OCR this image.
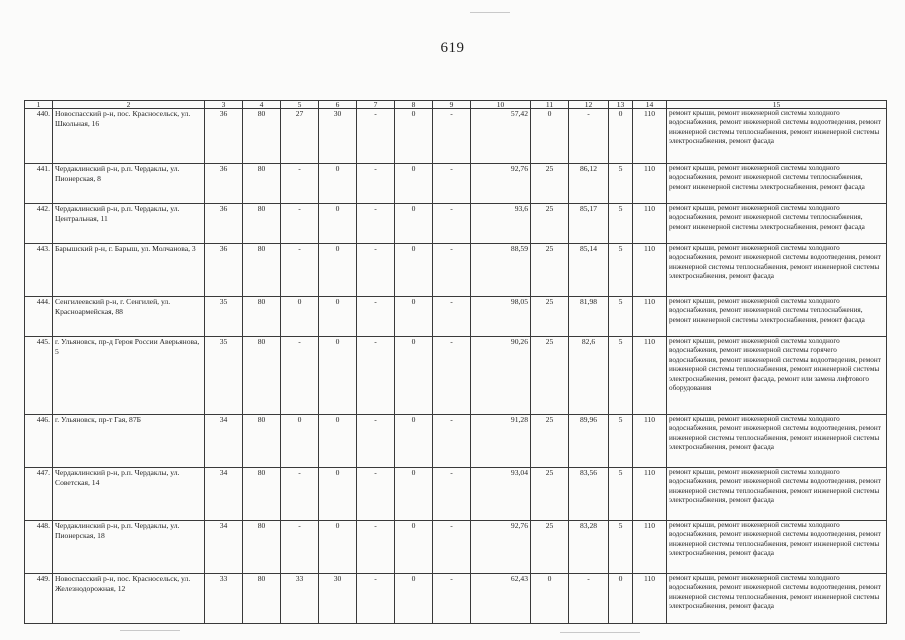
619
1	2	3	4	5	6	7	8	9	10	11	12	13	14	15
440.	Новоспасский р-н, пос. Красносельск, ул. Школьная, 16	36	80	27	30	-	0	-	57,42	0	-	0	110	ремонт крыши, ремонт инженерной системы холодного водоснабжения, ремонт инженерной системы водоотведения, ремонт инженерной системы теплоснабжения, ремонт инженерной системы электроснабжения, ремонт фасада
441.	Чердаклинский р-н, р.п. Чердаклы, ул. Пионерская, 8	36	80	-	0	-	0	-	92,76	25	86,12	5	110	ремонт крыши, ремонт инженерной системы холодного водоснабжения, ремонт инженерной системы теплоснабжения, ремонт инженерной системы электроснабжения, ремонт фасада
442.	Чердаклинский р-н, р.п. Чердаклы, ул. Центральная, 11	36	80	-	0	-	0	-	93,6	25	85,17	5	110	ремонт крыши, ремонт инженерной системы холодного водоснабжения, ремонт инженерной системы теплоснабжения, ремонт инженерной системы электроснабжения, ремонт фасада
443.	Барышский р-н, г. Барыш, ул. Молчанова, 3	36	80	-	0	-	0	-	88,59	25	85,14	5	110	ремонт крыши, ремонт инженерной системы холодного водоснабжения, ремонт инженерной системы водоотведения, ремонт инженерной системы теплоснабжения, ремонт инженерной системы электроснабжения, ремонт фасада
444.	Сенгилеевский р-н, г. Сенгилей, ул. Красноармейская, 88	35	80	0	0	-	0	-	98,05	25	81,98	5	110	ремонт крыши, ремонт инженерной системы холодного водоснабжения, ремонт инженерной системы теплоснабжения, ремонт инженерной системы электроснабжения, ремонт фасада
445.	г. Ульяновск, пр-д Героя России Аверьянова, 5	35	80	-	0	-	0	-	90,26	25	82,6	5	110	ремонт крыши, ремонт инженерной системы холодного водоснабжения, ремонт инженерной системы горячего водоснабжения, ремонт инженерной системы водоотведения, ремонт инженерной системы теплоснабжения, ремонт инженерной системы электроснабжения, ремонт фасада, ремонт или замена лифтового оборудования
446.	г. Ульяновск, пр-т Гая, 87Б	34	80	0	0	-	0	-	91,28	25	89,96	5	110	ремонт крыши, ремонт инженерной системы холодного водоснабжения, ремонт инженерной системы водоотведения, ремонт инженерной системы теплоснабжения, ремонт инженерной системы электроснабжения, ремонт фасада
447.	Чердаклинский р-н, р.п. Чердаклы, ул. Советская, 14	34	80	-	0	-	0	-	93,04	25	83,56	5	110	ремонт крыши, ремонт инженерной системы холодного водоснабжения, ремонт инженерной системы водоотведения, ремонт инженерной системы теплоснабжения, ремонт инженерной системы электроснабжения, ремонт фасада
448.	Чердаклинский р-н, р.п. Чердаклы, ул. Пионерская, 18	34	80	-	0	-	0	-	92,76	25	83,28	5	110	ремонт крыши, ремонт инженерной системы холодного водоснабжения, ремонт инженерной системы водоотведения, ремонт инженерной системы теплоснабжения, ремонт инженерной системы электроснабжения, ремонт фасада
449.	Новоспасский р-н, пос. Красносельск, ул. Железнодорожная, 12	33	80	33	30	-	0	-	62,43	0	-	0	110	ремонт крыши, ремонт инженерной системы холодного водоснабжения, ремонт инженерной системы водоотведения, ремонт инженерной системы теплоснабжения, ремонт инженерной системы электроснабжения, ремонт фасада
